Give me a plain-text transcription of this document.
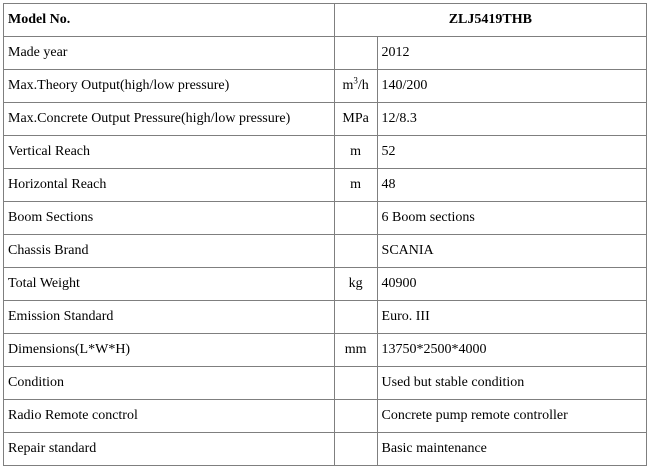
Model No.	ZLJ5419THB	
Made year		2012
Max.Theory Output(high/low pressure)	$m^3/h$	140/200
Max.Concrete Output Pressure(high/low pressure)	MPa	12/8.3
Vertical Reach	m	52
Horizontal Reach	m	48
Boom Sections		6 Boom sections
Chassis Brand		SCANIA
Total Weight	kg	40900
Emission Standard		Euro. III
Dimensions(L*W*H)	mm	13750*2500*4000
Condition		Used but stable condition
Radio Remote conctrol		Concrete pump remote controller
Repair standard		Basic maintenance
